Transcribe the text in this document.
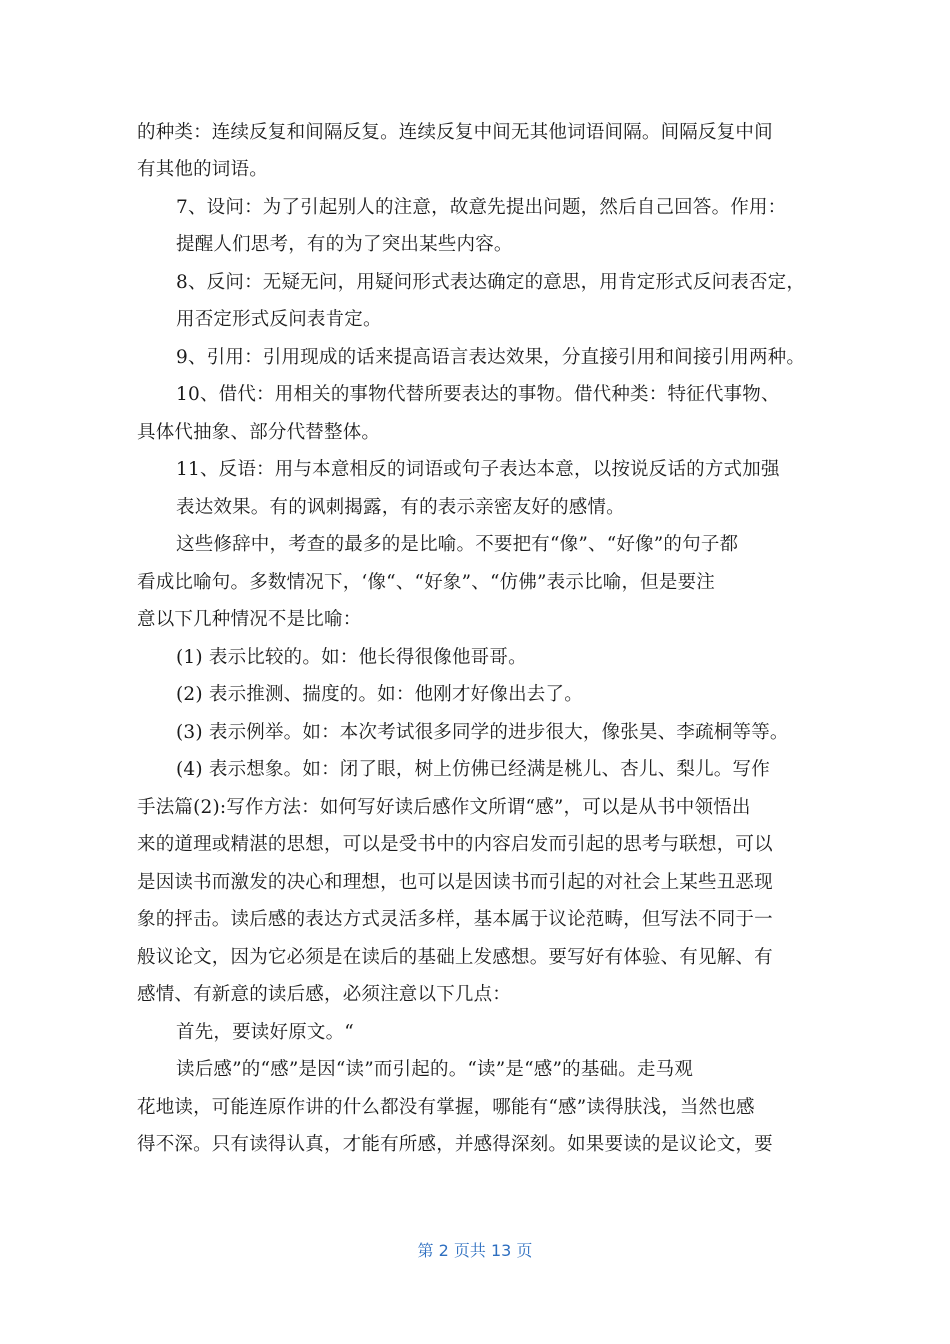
的种类：连续反复和间隔反复。连续反复中间无其他词语间隔。间隔反复中间
有其他的词语。
7、设问：为了引起别人的注意，故意先提出问题，然后自己回答。作用：
提醒人们思考，有的为了突出某些内容。
8、反问：无疑无问，用疑问形式表达确定的意思，用肯定形式反问表否定，
用否定形式反问表肯定。
9、引用：引用现成的话来提高语言表达效果，分直接引用和间接引用两种。
10、借代：用相关的事物代替所要表达的事物。借代种类：特征代事物、
具体代抽象、部分代替整体。
11、反语：用与本意相反的词语或句子表达本意，以按说反话的方式加强
表达效果。有的讽刺揭露，有的表示亲密友好的感情。
这些修辞中，考查的最多的是比喻。不要把有“像”、“好像”的句子都
看成比喻句。多数情况下，‘像“、“好象”、“仿佛”表示比喻，但是要注
意以下几种情况不是比喻：
(1) 表示比较的。如：他长得很像他哥哥。
(2) 表示推测、揣度的。如：他刚才好像出去了。
(3) 表示例举。如：本次考试很多同学的进步很大，像张昊、李疏桐等等。
(4) 表示想象。如：闭了眼，树上仿佛已经满是桃儿、杏儿、梨儿。写作
手法篇(2):写作方法：如何写好读后感作文所谓“感”，可以是从书中领悟出
来的道理或精湛的思想，可以是受书中的内容启发而引起的思考与联想，可以
是因读书而激发的决心和理想，也可以是因读书而引起的对社会上某些丑恶现
象的抨击。读后感的表达方式灵活多样，基本属于议论范畴，但写法不同于一
般议论文，因为它必须是在读后的基础上发感想。要写好有体验、有见解、有
感情、有新意的读后感，必须注意以下几点：
首先，要读好原文。“
读后感”的“感”是因“读”而引起的。“读”是“感”的基础。走马观
花地读，可能连原作讲的什么都没有掌握，哪能有“感”读得肤浅，当然也感
得不深。只有读得认真，才能有所感，并感得深刻。如果要读的是议论文，要
第 2 页共 13 页
